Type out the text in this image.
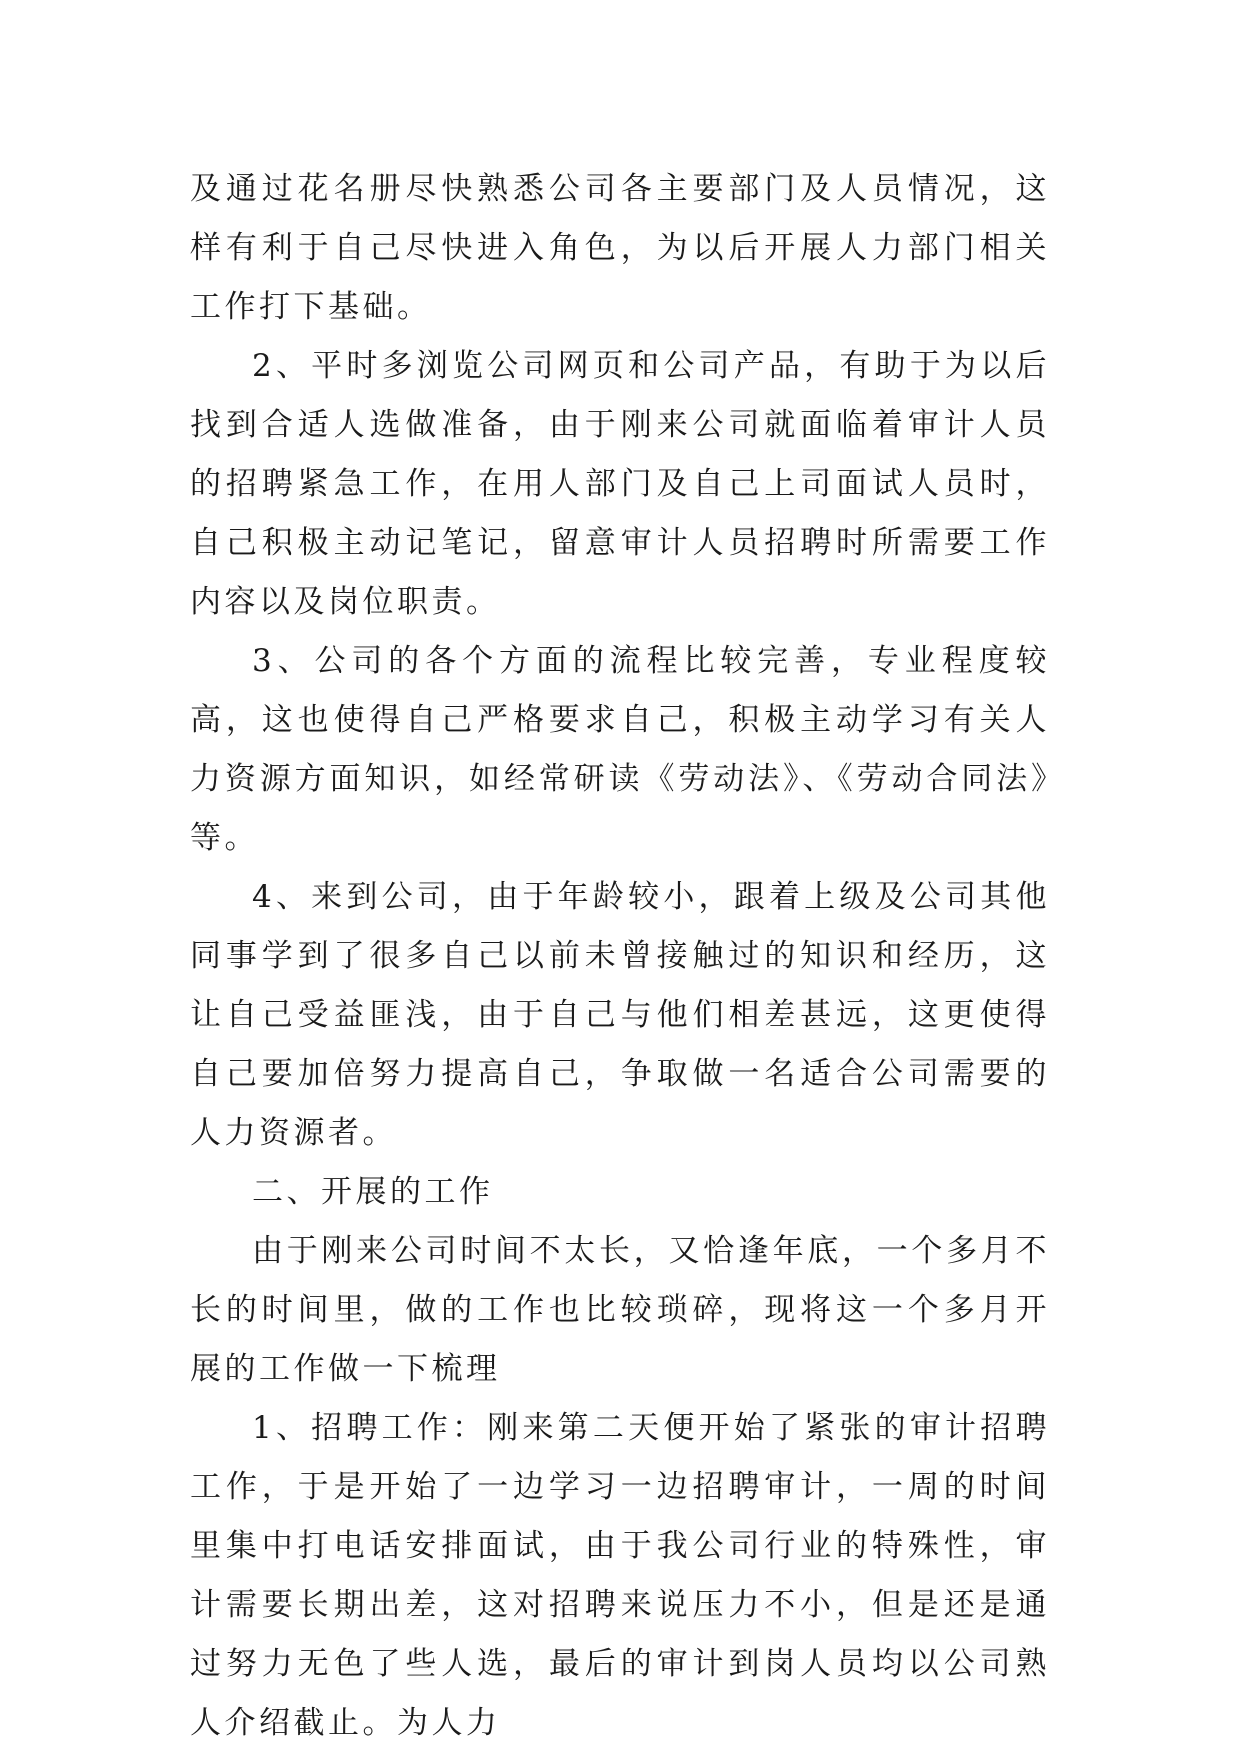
及通过花名册尽快熟悉公司各主要部门及人员情况，这样有利于自己尽快进入角色，为以后开展人力部门相关工作打下基础。

2、平时多浏览公司网页和公司产品，有助于为以后找到合适人选做准备，由于刚来公司就面临着审计人员的招聘紧急工作，在用人部门及自己上司面试人员时，自己积极主动记笔记，留意审计人员招聘时所需要工作内容以及岗位职责。

3、公司的各个方面的流程比较完善，专业程度较高，这也使得自己严格要求自己，积极主动学习有关人力资源方面知识，如经常研读《劳动法》、《劳动合同法》等。

4、来到公司，由于年龄较小，跟着上级及公司其他同事学到了很多自己以前未曾接触过的知识和经历，这让自己受益匪浅，由于自己与他们相差甚远，这更使得自己要加倍努力提高自己，争取做一名适合公司需要的人力资源者。

二、开展的工作

由于刚来公司时间不太长，又恰逢年底，一个多月不长的时间里，做的工作也比较琐碎，现将这一个多月开展的工作做一下梳理

1、招聘工作：刚来第二天便开始了紧张的审计招聘工作，于是开始了一边学习一边招聘审计，一周的时间里集中打电话安排面试，由于我公司行业的特殊性，审计需要长期出差，这对招聘来说压力不小，但是还是通过努力无色了些人选，最后的审计到岗人员均以公司熟人介绍截止。为人力
